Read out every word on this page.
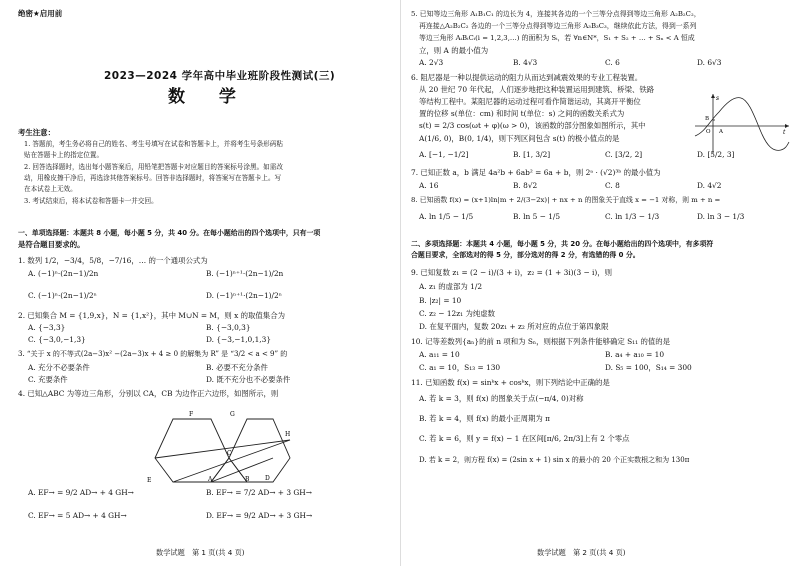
绝密★启用前
2023—2024 学年高中毕业班阶段性测试(三)
数 学
考生注意：
1. 答题前，考生务必将自己的姓名、考生号填写在试卷和答题卡上，并将考生号条形码粘
贴在答题卡上的指定位置。
2. 回答选择题时，选出每小题答案后，用铅笔把答题卡对应题目的答案标号涂黑。如需改
动，用橡皮擦干净后，再选涂其他答案标号。回答非选择题时，将答案写在答题卡上。写
在本试卷上无效。
3. 考试结束后，将本试卷和答题卡一并交回。
一、单项选择题：本题共 8 小题，每小题 5 分，共 40 分。在每小题给出的四个选项中，只有一项
是符合题目要求的。
1. 数列 1/2，−3/4，5/8，−7/16，… 的一个通项公式为
A. (−1)ⁿ·(2n−1)/2n	B. (−1)ⁿ⁺¹·(2n−1)/2n
C. (−1)ⁿ·(2n−1)/2ⁿ	D. (−1)ⁿ⁺¹·(2n−1)/2ⁿ
2. 已知集合 M = {1,9,x}，N = {1,x²}，其中 M∪N = M，则 x 的取值集合为
A. {−3,3}	B. {−3,0,3}
C. {−3,0,−1,3}	D. {−3,−1,0,1,3}
3. “关于 x 的不等式(2a−3)x² −(2a−3)x + 4 ≥ 0 的解集为 R” 是 “3/2 < a < 9” 的
A. 充分不必要条件	B. 必要不充分条件
C. 充要条件	D. 既不充分也不必要条件
4. 已知△ABC 为等边三角形，分别以 CA，CB 为边作正六边形，如图所示，则
E	A	B
C
G
H
F
D
A. EF→ = 9/2 AD→ + 4 GH→	B. EF→ = 7/2 AD→ + 3 GH→
C. EF→ = 5 AD→ + 4 GH→	D. EF→ = 9/2 AD→ + 3 GH→
数学试题　第 1 页(共 4 页)
5. 已知等边三角形 A₁B₁C₁ 的边长为 4，连接其各边的一个三等分点得到等边三角形 A₂B₂C₂，
再连接△A₂B₂C₂ 各边的一个三等分点得到等边三角形 A₃B₃C₃，继续依此方法，得到一系列
等边三角形 AᵢBᵢCᵢ(i = 1,2,3,…) 的面积为 Sᵢ，若 ∀n∈N*，S₁ + S₂ + … + Sₙ < A 恒成
立，则 A 的最小值为
A. 2√3	B. 4√3	C. 6	D. 6√3
6. 阻尼器是一种以提供运动的阻力从而达到减震效果的专业工程装置。
从 20 世纪 70 年代起，人们逐步地把这种装置运用到建筑、桥梁、铁路
等结构工程中。某阻尼器的运动过程可看作简谐运动，其离开平衡位
置的位移 s(单位：cm) 和时间 t(单位：s) 之间的函数关系式为
s(t) = 2/3 cos(ωt + φ)(ω > 0)，该函数的部分图象如图所示，其中
A(1/6, 0)，B(0, 1/4)，则下列区间包含 s(t) 的极小值点的是
s
t
O A
B
A. [−1, −1/2]	B. [1, 3/2]	C. [3/2, 2]	D. [5/2, 3]
7. 已知正数 a，b 满足 4a²b + 6ab² = 6a + b，则 2ᵃ · (√2)³ᵇ 的最小值为
A. 16	B. 8√2	C. 8	D. 4√2
8. 已知函数 f(x) = (x+1)ln|m + 2/(3−2x)| + nx + n 的图象关于直线 x = −1 对称，则 m + n =
A. ln 1/5 − 1/5	B. ln 5 − 1/5	C. ln 1/3 − 1/3	D. ln 3 − 1/3
二、多项选择题：本题共 4 小题，每小题 5 分，共 20 分。在每小题给出的四个选项中，有多项符
合题目要求，全部选对的得 5 分，部分选对的得 2 分，有选错的得 0 分。
9. 已知复数 z₁ = (2 − i)/(3 + i)，z₂ = (1 + 3i)(3 − i)，则
A. z₁ 的虚部为 1/2
B. |z₂| = 10
C. z₂ − 12z₁ 为纯虚数
D. 在复平面内，复数 20z₁ + z₂ 所对应的点位于第四象限
10. 记等差数列{aₙ}的前 n 项和为 Sₙ，则根据下列条件能够确定 S₁₁ 的值的是
A. a₁₁ = 10	B. a₄ + a₁₀ = 10
C. a₁ = 10，S₁₃ = 130	D. S₅ = 100，S₁₄ = 300
11. 已知函数 f(x) = sinᵏx + cosᵏx，则下列结论中正确的是
A. 若 k = 3，则 f(x) 的图象关于点(−π/4, 0)对称
B. 若 k = 4，则 f(x) 的最小正周期为 π
C. 若 k = 6，则 y = f(x) − 1 在区间[π/6, 2π/3]上有 2 个零点
D. 若 k = 2，则方程 f(x) = (2sin x + 1) sin x 的最小的 20 个正实数根之和为 130π
数学试题　第 2 页(共 4 页)
